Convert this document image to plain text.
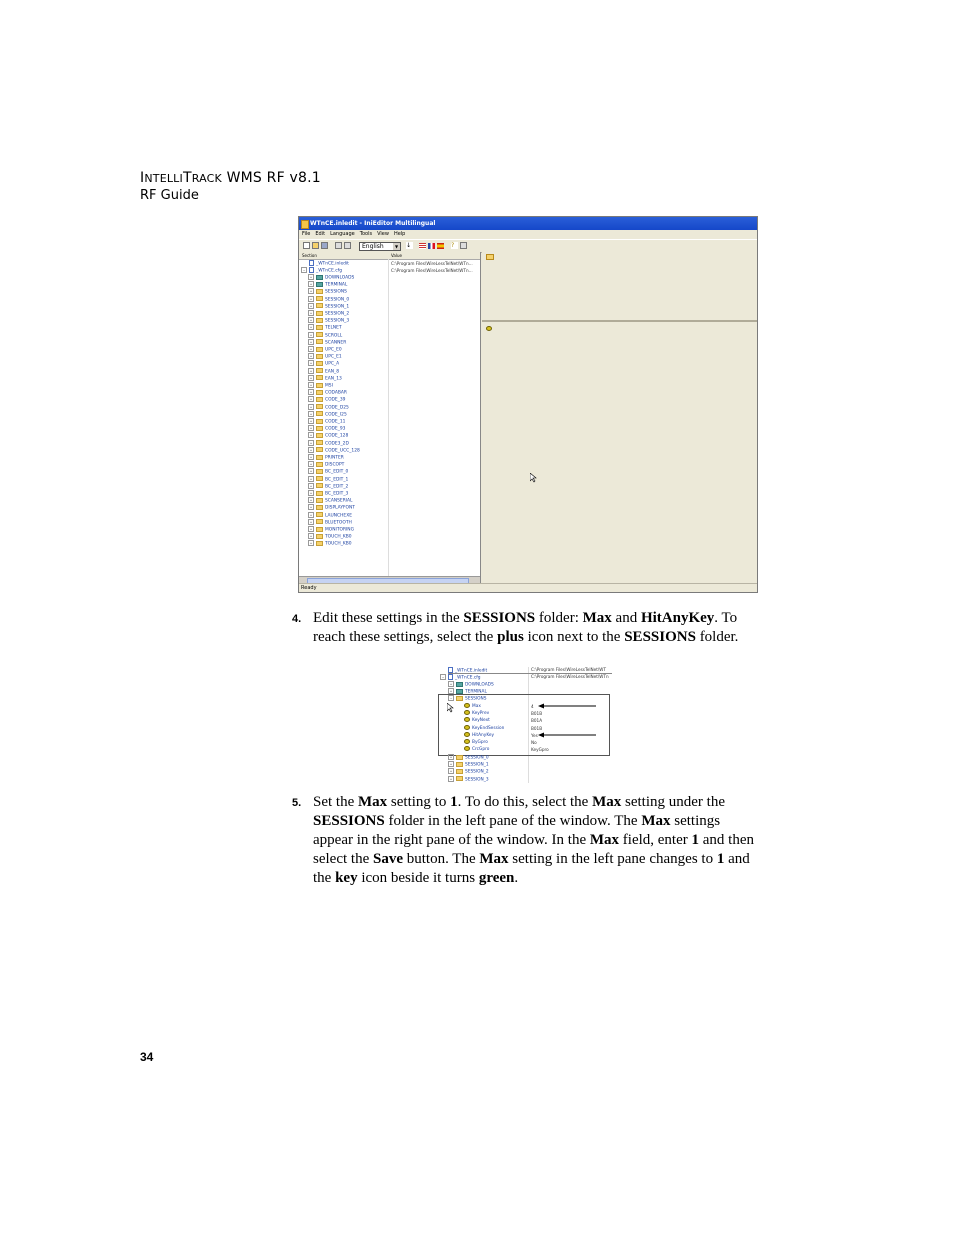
INTELLITRACK WMS RF v8.1
RF Guide
WTnCE.inledit - IniEditor Multilingual
File Edit Language Tools View Help
English	▼	↓	?
Section	Value
_WTnCE.inledit	C:\Program Files\WireLessTelNet\WTn...
− _WTnCE.cfg	C:\Program Files\WireLessTelNet\WTn...
+	DOWNLOADS
+	TERMINAL
+	SESSIONS
+	SESSION_0
+	SESSION_1
+	SESSION_2
+	SESSION_3
+	TELNET
+	SCROLL
+	SCANNER
+	UPC_E0
+	UPC_E1
+	UPC_A
+	EAN_8
+	EAN_13
+	MSI
+	CODABAR
+	CODE_39
+	CODE_D25
+	CODE_I25
+	CODE_11
+	CODE_93
+	CODE_128
+	CODE3_2D
+	CODE_UCC_128
+	PRINTER
+	DISCOPT
+	BC_EDIT_0
+	BC_EDIT_1
+	BC_EDIT_2
+	BC_EDIT_3
+	SCANSERIAL
+	DISPLAYFONT
+	LAUNCHEXE
+	BLUETOOTH
+	MONITORING
+	TOUCH_KB0
+	TOUCH_KB0
Ready
4. Edit these settings in the SESSIONS folder: Max and HitAnyKey. To reach these settings, select the plus icon next to the SESSIONS folder.
_WTnCE.inledit	C:\Program Files\WireLessTelNet\WT
−	_WTnCE.cfg	C:\Program Files\WireLessTelNet\WTn
+	DOWNLOADS
+	TERMINAL
−	SESSIONS
Max	4
KeyPrev	B01B
KeyNext	B01A
KeyEndSession	B01B
HitAnyKey	Yes
ByGpro	No
CrcGpro	KeyGpro
+	SESSION_0
+	SESSION_1
+	SESSION_2
+	SESSION_3
5. Set the Max setting to 1. To do this, select the Max setting under the SESSIONS folder in the left pane of the window. The Max settings appear in the right pane of the window. In the Max field, enter 1 and then select the Save button. The Max setting in the left pane changes to 1 and the key icon beside it turns green.
34
